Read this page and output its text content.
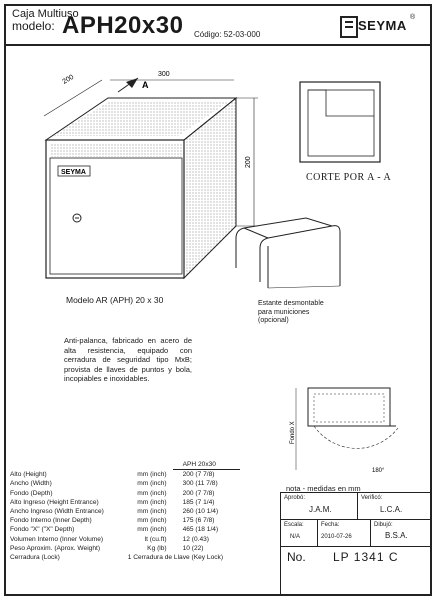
Caja Multiuso
modelo: APH20x30 Código: 52-03-000
SEYMA
®
A
200	300
200
SEYMA	CORTE POR A - A
Modelo AR (APH) 20 x 30	Estante desmontable para municiones (opcional)
Anti-palanca, fabricado en acero de alta resistencia, equipado con cerradura de seguridad tipo MxB; provista de llaves de puntos y bola, incopiables e inoxidables.
Fondo X
180°
		APH 20x30
Alto (Height)	mm (inch)	200 (7 7/8)
Ancho (Width)	mm (inch)	300 (11 7/8)
Fondo (Depth)	mm (inch)	200 (7 7/8)
Alto Ingreso (Height Entrance)	mm (inch)	185 (7 1/4)
Ancho Ingreso (Width Entrance)	mm (inch)	260 (10 1/4)
Fondo Interno (Inner Depth)	mm (inch)	175 (6 7/8)
Fondo "X" ("X" Depth)	mm (inch)	465 (18 1/4)
Volumen Interno (Inner Volume)	lt (cu.ft)	12 (0.43)
Peso Aproxim. (Aprox. Weight)	Kg (lb)	10 (22)
Cerradura (Lock)	1 Cerradura de Llave (Key Lock)	
nota - medidas en mm
Aprobó:
J.A.M.
Verificó:
L.C.A.
Escala:
N/A
Fecha:
2010-07-26
Dibujó:
B.S.A.
No. LP 1341 C
